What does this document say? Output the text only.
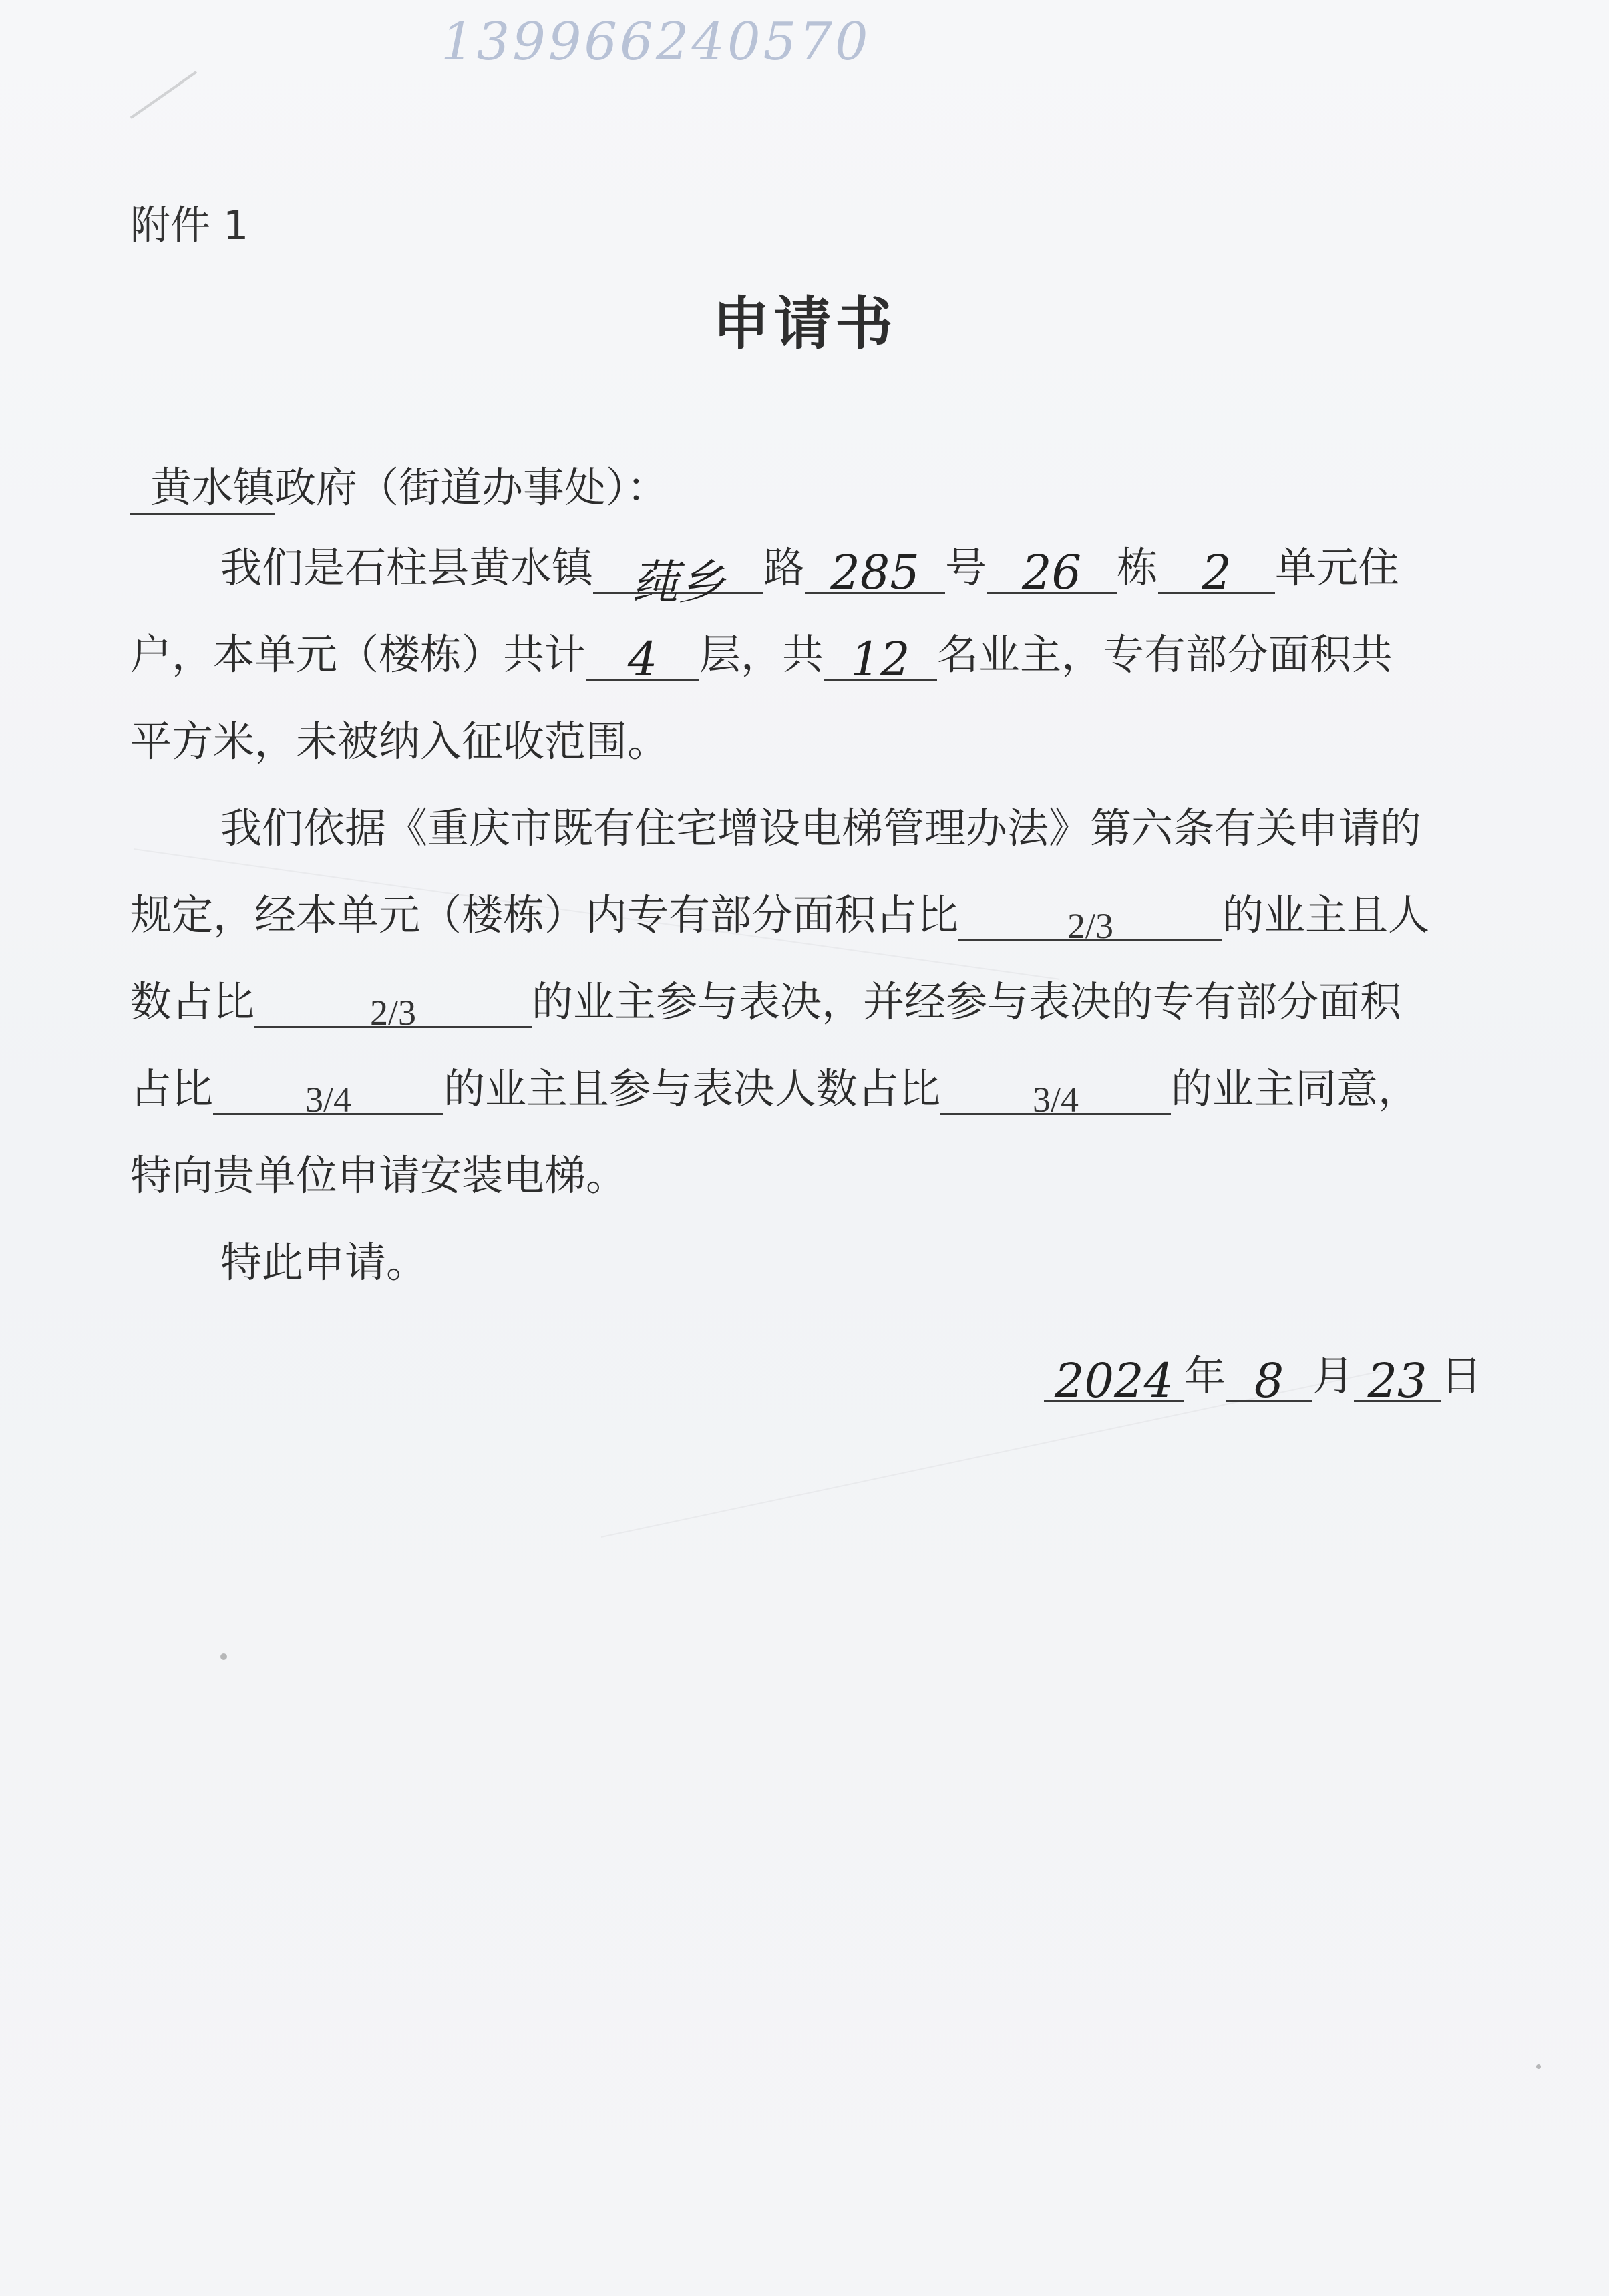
139966240570
附件 1
申请书
黄水镇政府（街道办事处）：
我们是石柱县黄水镇 莼乡 路 285 号 26 栋 2 单元住
户，本单元（楼栋）共计 4 层，共 12 名业主，专有部分面积共
平方米，未被纳入征收范围。
我们依据《重庆市既有住宅增设电梯管理办法》第六条有关申请的
规定，经本单元（楼栋）内专有部分面积占比	2/3	的业主且人
数占比	2/3	的业主参与表决，并经参与表决的专有部分面积
占比	3/4 的业主且参与表决人数占比	3/4 的业主同意，
特向贵单位申请安装电梯。
特此申请。
2024 年 8 月 23 日
